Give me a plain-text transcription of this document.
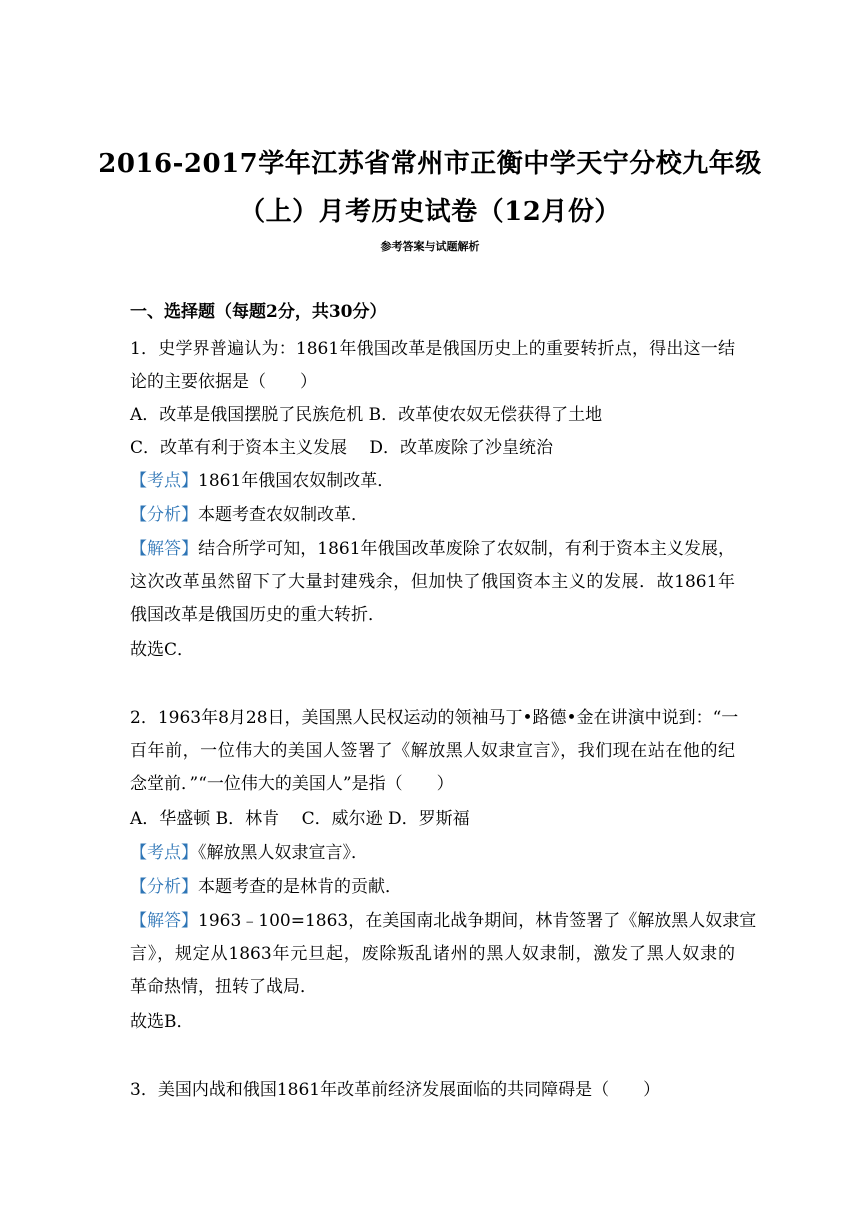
2016-2017学年江苏省常州市正衡中学天宁分校九年级
（上）月考历史试卷（12月份）
参考答案与试题解析
一、选择题（每题2分，共30分）
1．史学界普遍认为：1861年俄国改革是俄国历史上的重要转折点，得出这一结
论的主要依据是（　　）
A．改革是俄国摆脱了民族危机 B．改革使农奴无偿获得了土地
C．改革有利于资本主义发展　 D．改革废除了沙皇统治
【考点】1861年俄国农奴制改革．
【分析】本题考查农奴制改革．
【解答】结合所学可知，1861年俄国改革废除了农奴制，有利于资本主义发展，
这次改革虽然留下了大量封建残余，但加快了俄国资本主义的发展．故1861年
俄国改革是俄国历史的重大转折．
故选C．
2．1963年8月28日，美国黑人民权运动的领袖马丁•路德•金在讲演中说到：“一
百年前，一位伟大的美国人签署了《解放黑人奴隶宣言》，我们现在站在他的纪
念堂前．”“一位伟大的美国人”是指（　　）
A．华盛顿 B．林肯　 C．威尔逊 D．罗斯福
【考点】《解放黑人奴隶宣言》．
【分析】本题考查的是林肯的贡献．
【解答】1963﹣100=1863，在美国南北战争期间，林肯签署了《解放黑人奴隶宣
言》，规定从1863年元旦起，废除叛乱诸州的黑人奴隶制，激发了黑人奴隶的
革命热情，扭转了战局．
故选B．
3．美国内战和俄国1861年改革前经济发展面临的共同障碍是（　　）
